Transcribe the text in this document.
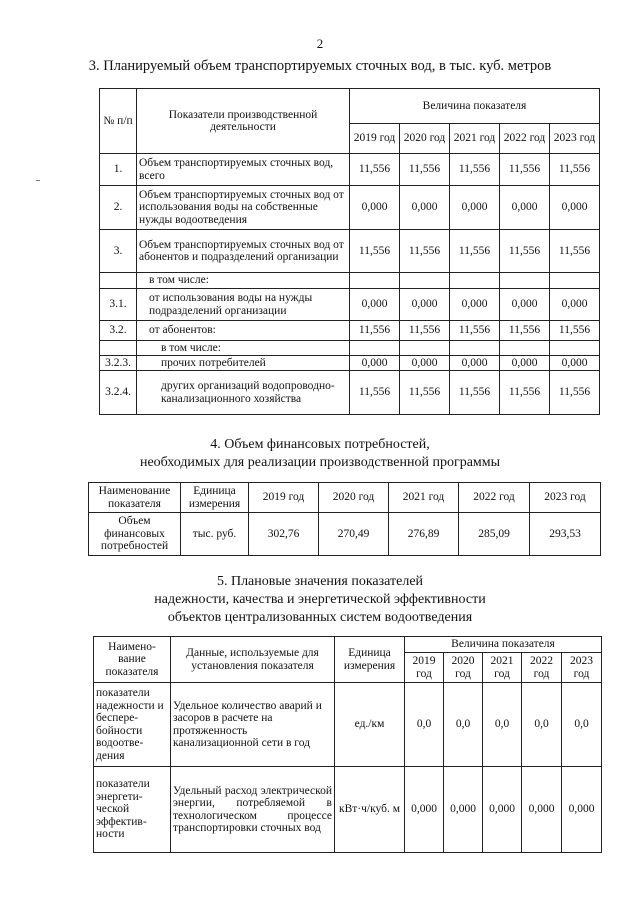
2
3. Планируемый объем транспортируемых сточных вод, в тыс. куб. метров
№ п/п	Показатели производственной деятельности	Величина показателя				
		2019 год	2020 год	2021 год	2022 год	2023 год
1.	Объем транспортируемых сточных вод, всего	11,556	11,556	11,556	11,556	11,556
2.	Объем транспортируемых сточных вод от использования воды на собственные нужды водоотведения	0,000	0,000	0,000	0,000	0,000
3.	Объем транспортируемых сточных вод от абонентов и подразделений организации	11,556	11,556	11,556	11,556	11,556
	в том числе:					
3.1.	от использования воды на нужды подразделений организации	0,000	0,000	0,000	0,000	0,000
3.2.	от абонентов:	11,556	11,556	11,556	11,556	11,556
	в том числе:					
3.2.3.	прочих потребителей	0,000	0,000	0,000	0,000	0,000
3.2.4.	других организаций водопроводно-канализационного хозяйства	11,556	11,556	11,556	11,556	11,556
4. Объем финансовых потребностей,
необходимых для реализации производственной программы
Наименование показателя	Единица измерения	2019 год	2020 год	2021 год	2022 год	2023 год
Объем финансовых потребностей	тыс. руб.	302,76	270,49	276,89	285,09	293,53
5. Плановые значения показателей
надежности, качества и энергетической эффективности
объектов централизованных систем водоотведения
Наимено-вание показателя	Данные, используемые для установления показателя	Единица измерения	Величина показателя				
			2019 год	2020 год	2021 год	2022 год	2023 год
показатели надежности и беспере-бойности водоотве-дения	Удельное количество аварий и засоров в расчете на протяженность канализационной сети в год	ед./км	0,0	0,0	0,0	0,0	0,0
показатели энергети-ческой эффектив-ности	Удельный расход электрической энергии, потребляемой в технологическом процессе транспортировки сточных вод	кВт·ч/куб. м	0,000	0,000	0,000	0,000	0,000
